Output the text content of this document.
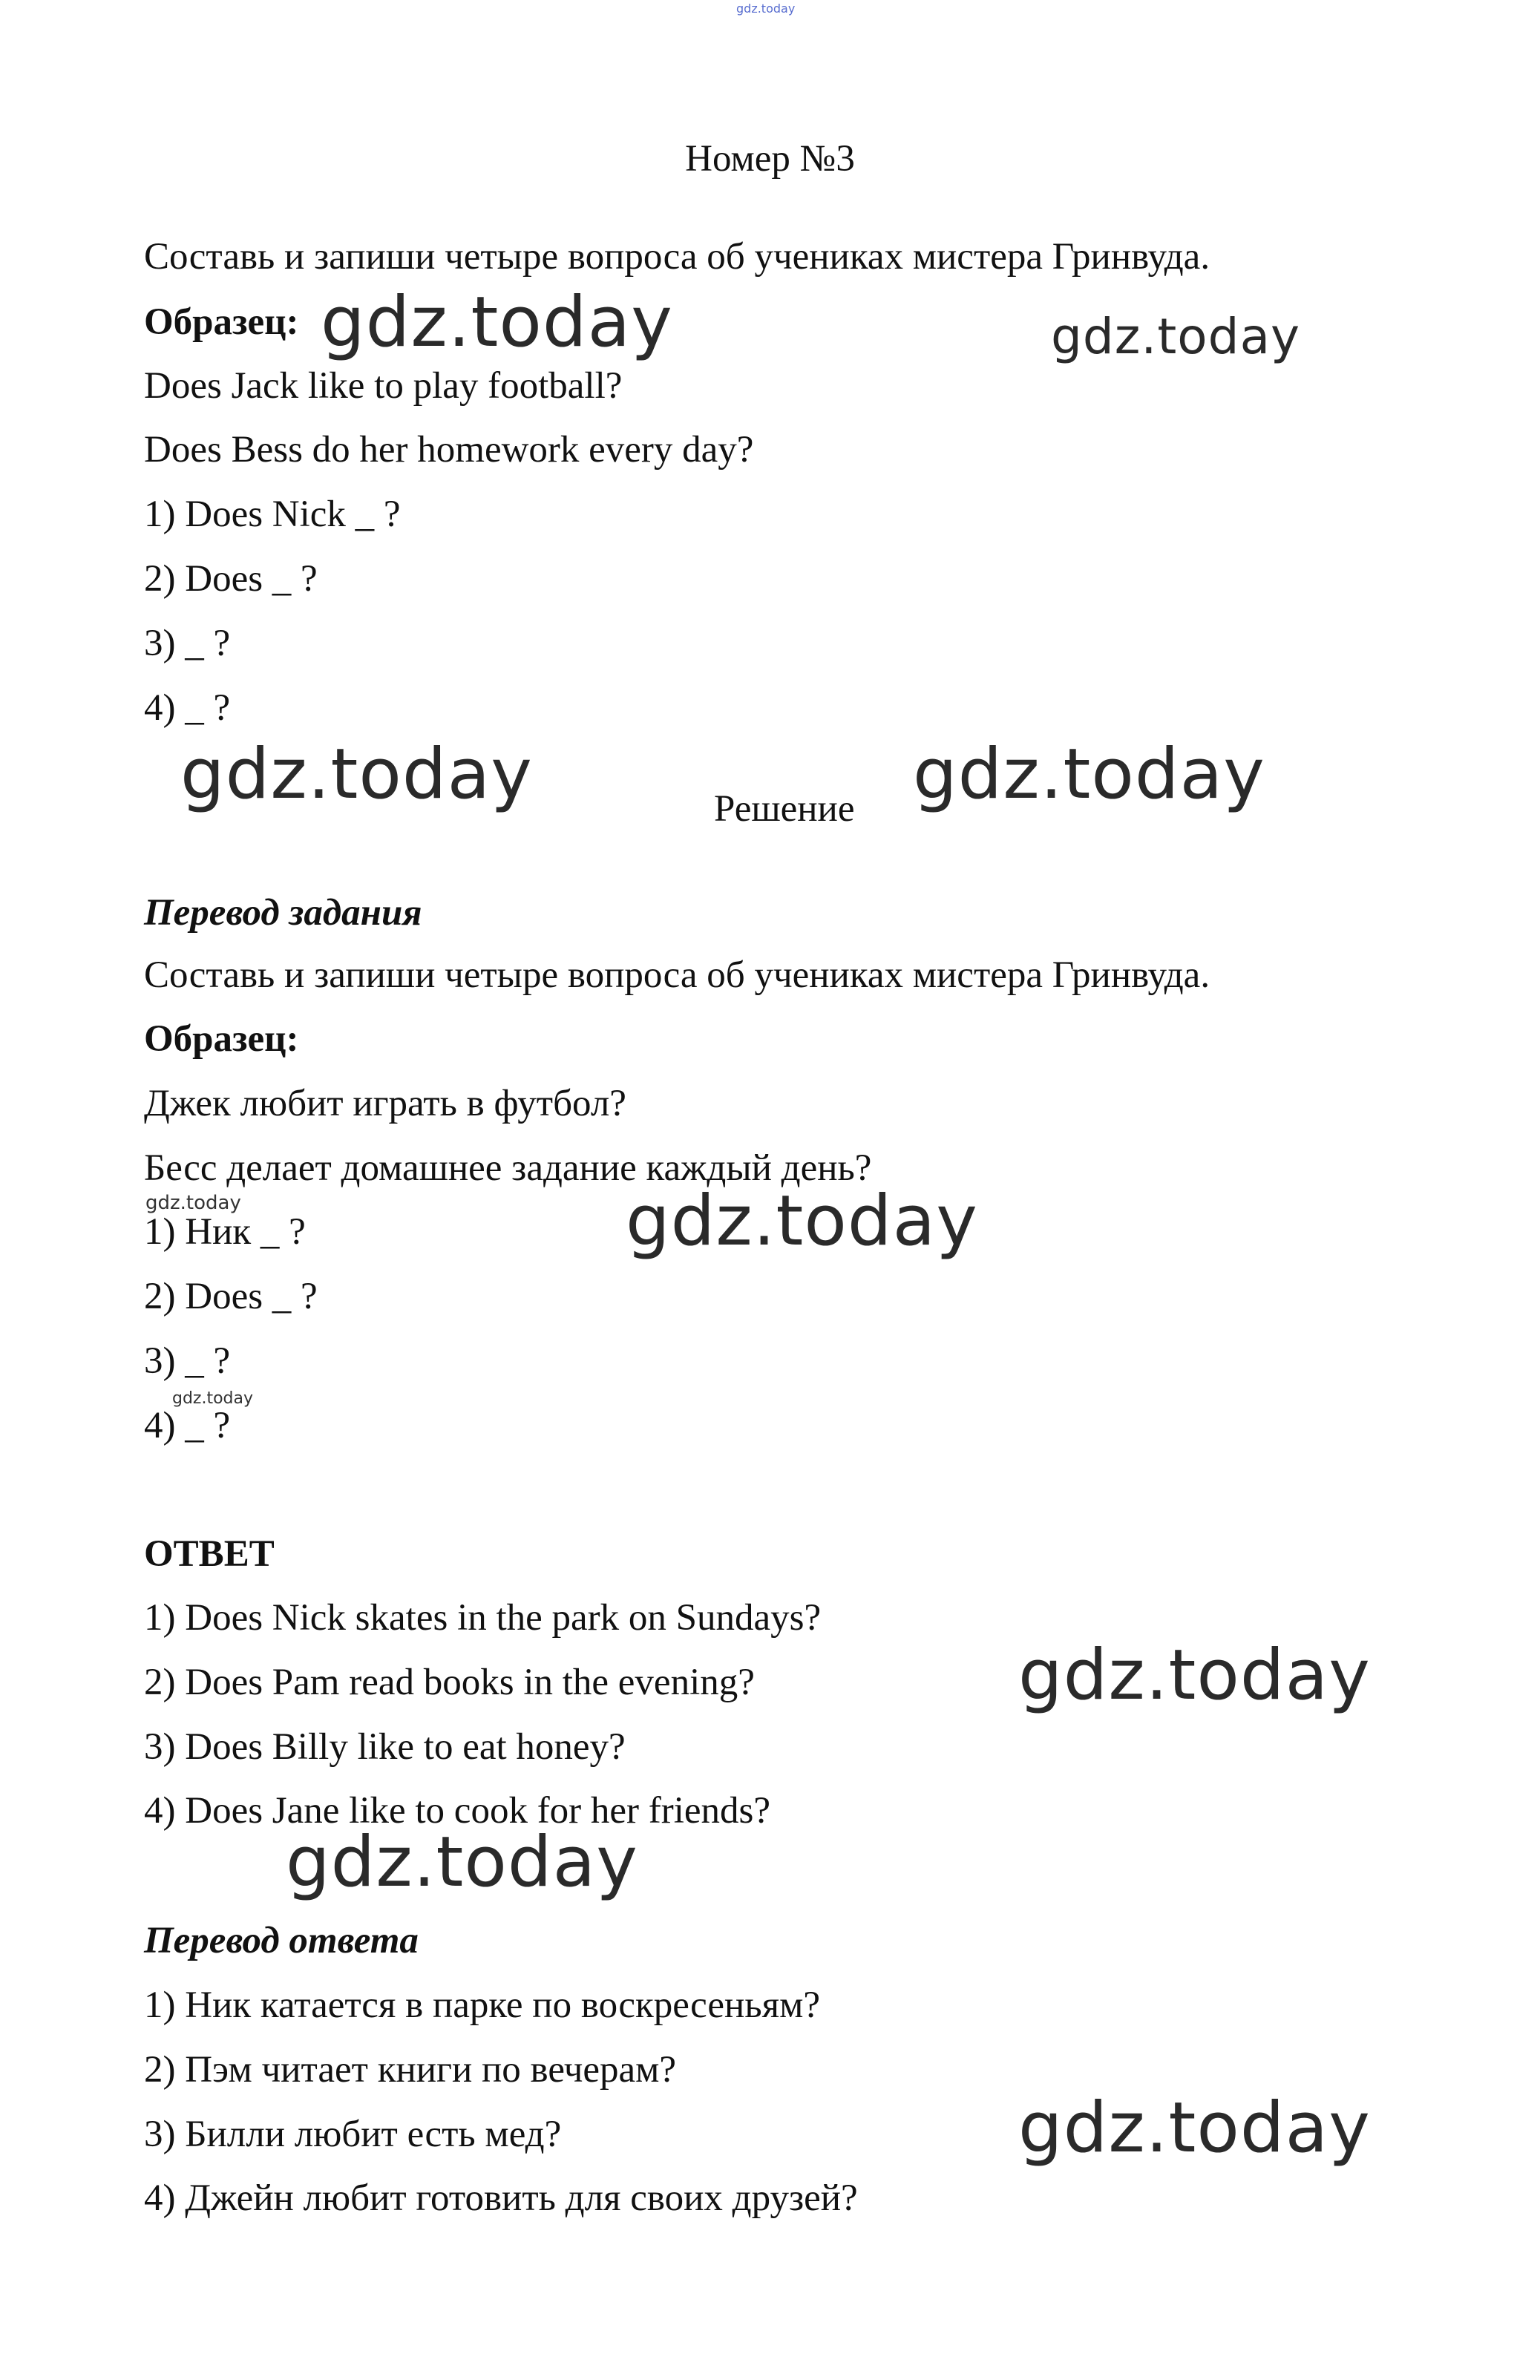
gdz.today
Номер №3
Составь и запиши четыре вопроса об учениках мистера Гринвуда.
Образец: gdz.today	gdz.today
Does Jack like to play football?
Does Bess do her homework every day?
1) Does Nick _ ?
2) Does _ ?
3) _ ?
4) _ ?
gdz.today	Решение gdz.today
Перевод задания
Составь и запиши четыре вопроса об учениках мистера Гринвуда.
Образец:
Джек любит играть в футбол?
Бесс делает домашнее задание каждый день?
gdz.today	gdz.today
1) Ник _ ?
2) Does _ ?
3) _ ?
gdz.today
4) _ ?
ОТВЕТ
1) Does Nick skates in the park on Sundays?
2) Does Pam read books in the evening?	gdz.today
3) Does Billy like to eat honey?
4) Does Jane like to cook for her friends?
gdz.today
Перевод ответа
1) Ник катается в парке по воскресеньям?
2) Пэм читает книги по вечерам?
3) Билли любит есть мед?	gdz.today
4) Джейн любит готовить для своих друзей?
